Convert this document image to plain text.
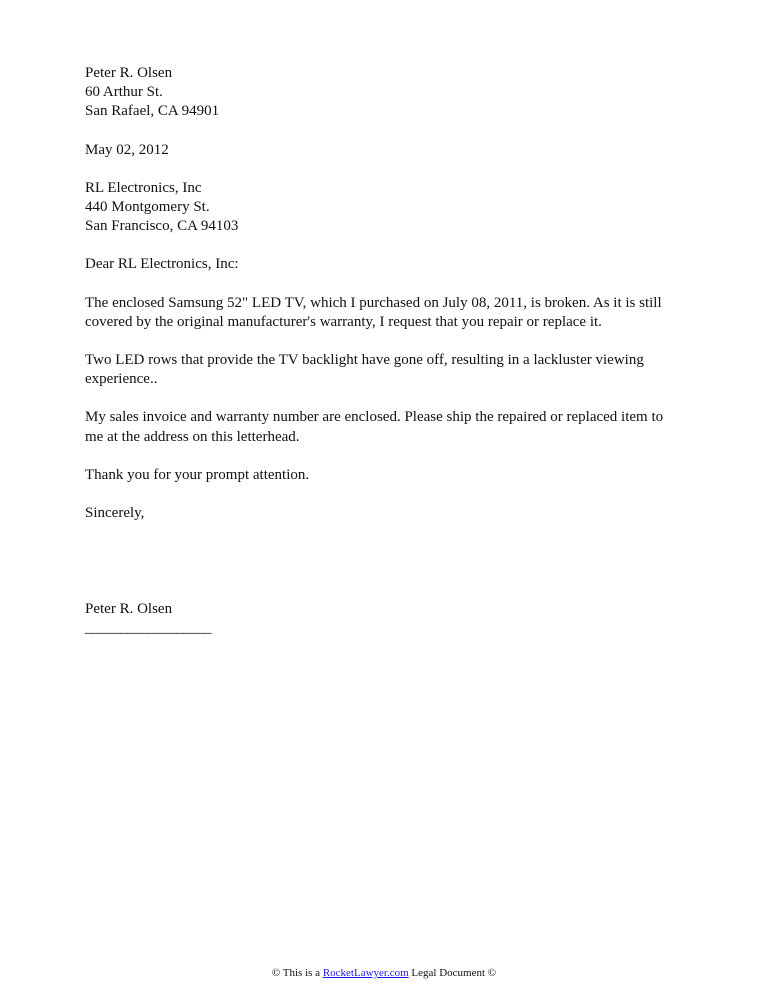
Peter R. Olsen
60 Arthur St.
San Rafael, CA 94901
May 02, 2012
RL Electronics, Inc
440 Montgomery St.
San Francisco, CA 94103
Dear RL Electronics, Inc:

The enclosed Samsung 52" LED TV, which I purchased on July 08, 2011, is broken. As it is still covered by the original manufacturer's warranty, I request that you repair or replace it.

Two LED rows that provide the TV backlight have gone off, resulting in a lackluster viewing experience..

My sales invoice and warranty number are enclosed. Please ship the repaired or replaced item to me at the address on this letterhead.

Thank you for your prompt attention.

Sincerely,
Peter R. Olsen
__________________
© This is a RocketLawyer.com Legal Document ©
